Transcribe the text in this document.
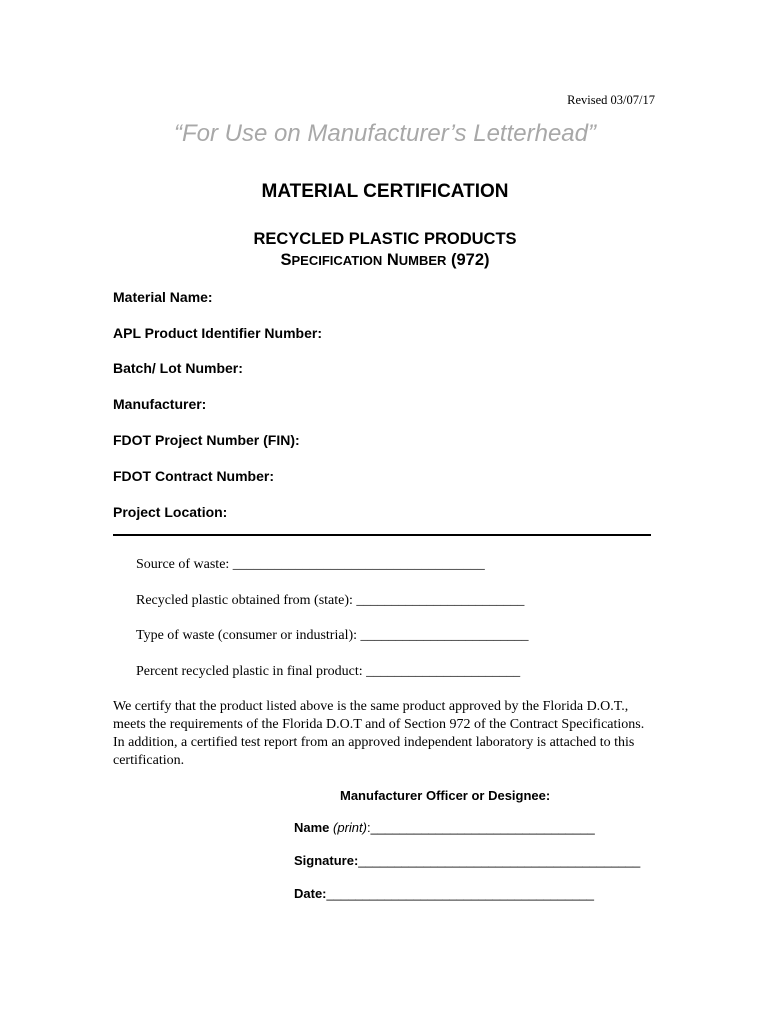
Revised 03/07/17
“For Use on Manufacturer’s Letterhead”
MATERIAL CERTIFICATION
RECYCLED PLASTIC PRODUCTS
SPECIFICATION NUMBER (972)
Material Name:
APL Product Identifier Number:
Batch/ Lot Number:
Manufacturer:
FDOT Project Number (FIN):
FDOT Contract Number:
Project Location:
Source of waste: ____________________________________
Recycled plastic obtained from (state): ________________________
Type of waste (consumer or industrial): ________________________
Percent recycled plastic in final product: ______________________
We certify that the product listed above is the same product approved by the Florida D.O.T., meets the requirements of the Florida D.O.T and of Section 972 of the Contract Specifications. In addition, a certified test report from an approved independent laboratory is attached to this certification.
Manufacturer Officer or Designee:
Name (print):_______________________________
Signature:_______________________________________
Date:_____________________________________
